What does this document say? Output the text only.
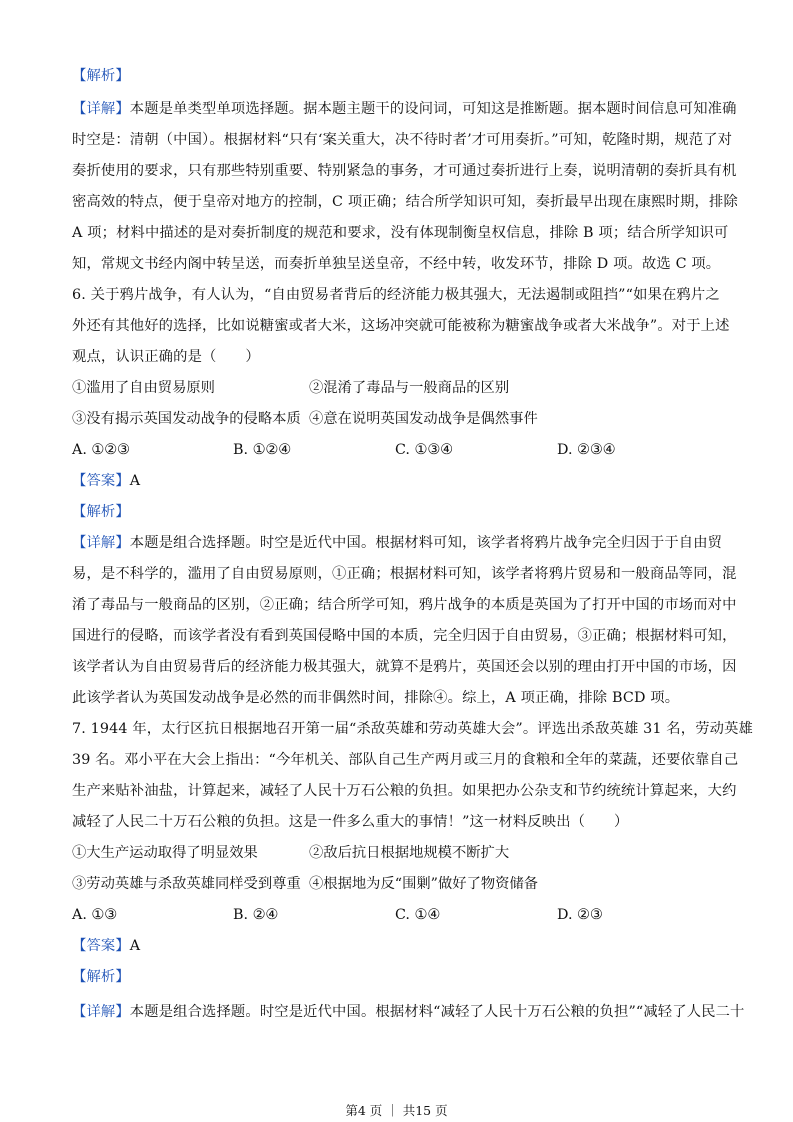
【解析】
【详解】本题是单类型单项选择题。据本题主题干的设问词，可知这是推断题。据本题时间信息可知准确
时空是：清朝（中国）。根据材料“只有‘案关重大，决不待时者’才可用奏折。”可知，乾隆时期，规范了对
奏折使用的要求，只有那些特别重要、特别紧急的事务，才可通过奏折进行上奏，说明清朝的奏折具有机
密高效的特点，便于皇帝对地方的控制，C 项正确；结合所学知识可知，奏折最早出现在康熙时期，排除
A 项；材料中描述的是对奏折制度的规范和要求，没有体现制衡皇权信息，排除 B 项；结合所学知识可
知，常规文书经内阁中转呈送，而奏折单独呈送皇帝，不经中转，收发环节，排除 D 项。故选 C 项。
6. 关于鸦片战争，有人认为，“自由贸易者背后的经济能力极其强大，无法遏制或阻挡”“如果在鸦片之
外还有其他好的选择，比如说糖蜜或者大米，这场冲突就可能被称为糖蜜战争或者大米战争”。对于上述
观点，认识正确的是（　　）
①滥用了自由贸易原则	②混淆了毒品与一般商品的区别
③没有揭示英国发动战争的侵略本质 ④意在说明英国发动战争是偶然事件
A. ①②③	B. ①②④	C. ①③④	D. ②③④
【答案】A
【解析】
【详解】本题是组合选择题。时空是近代中国。根据材料可知，该学者将鸦片战争完全归因于于自由贸
易，是不科学的，滥用了自由贸易原则，①正确；根据材料可知，该学者将鸦片贸易和一般商品等同，混
淆了毒品与一般商品的区别，②正确；结合所学可知，鸦片战争的本质是英国为了打开中国的市场而对中
国进行的侵略，而该学者没有看到英国侵略中国的本质，完全归因于自由贸易，③正确；根据材料可知，
该学者认为自由贸易背后的经济能力极其强大，就算不是鸦片，英国还会以别的理由打开中国的市场，因
此该学者认为英国发动战争是必然的而非偶然时间，排除④。综上，A 项正确，排除 BCD 项。
7. 1944 年，太行区抗日根据地召开第一届“杀敌英雄和劳动英雄大会”。评选出杀敌英雄 31 名，劳动英雄
39 名。邓小平在大会上指出：“今年机关、部队自己生产两月或三月的食粮和全年的菜蔬，还要依靠自己
生产来贴补油盐，计算起来，减轻了人民十万石公粮的负担。如果把办公杂支和节约统统计算起来，大约
减轻了人民二十万石公粮的负担。这是一件多么重大的事情！”这一材料反映出（　　）
①大生产运动取得了明显效果	②敌后抗日根据地规模不断扩大
③劳动英雄与杀敌英雄同样受到尊重 ④根据地为反“围剿”做好了物资储备
A. ①③	B. ②④	C. ①④	D. ②③
【答案】A
【解析】
【详解】本题是组合选择题。时空是近代中国。根据材料“减轻了人民十万石公粮的负担”“减轻了人民二十
第4 页 ｜ 共15 页
